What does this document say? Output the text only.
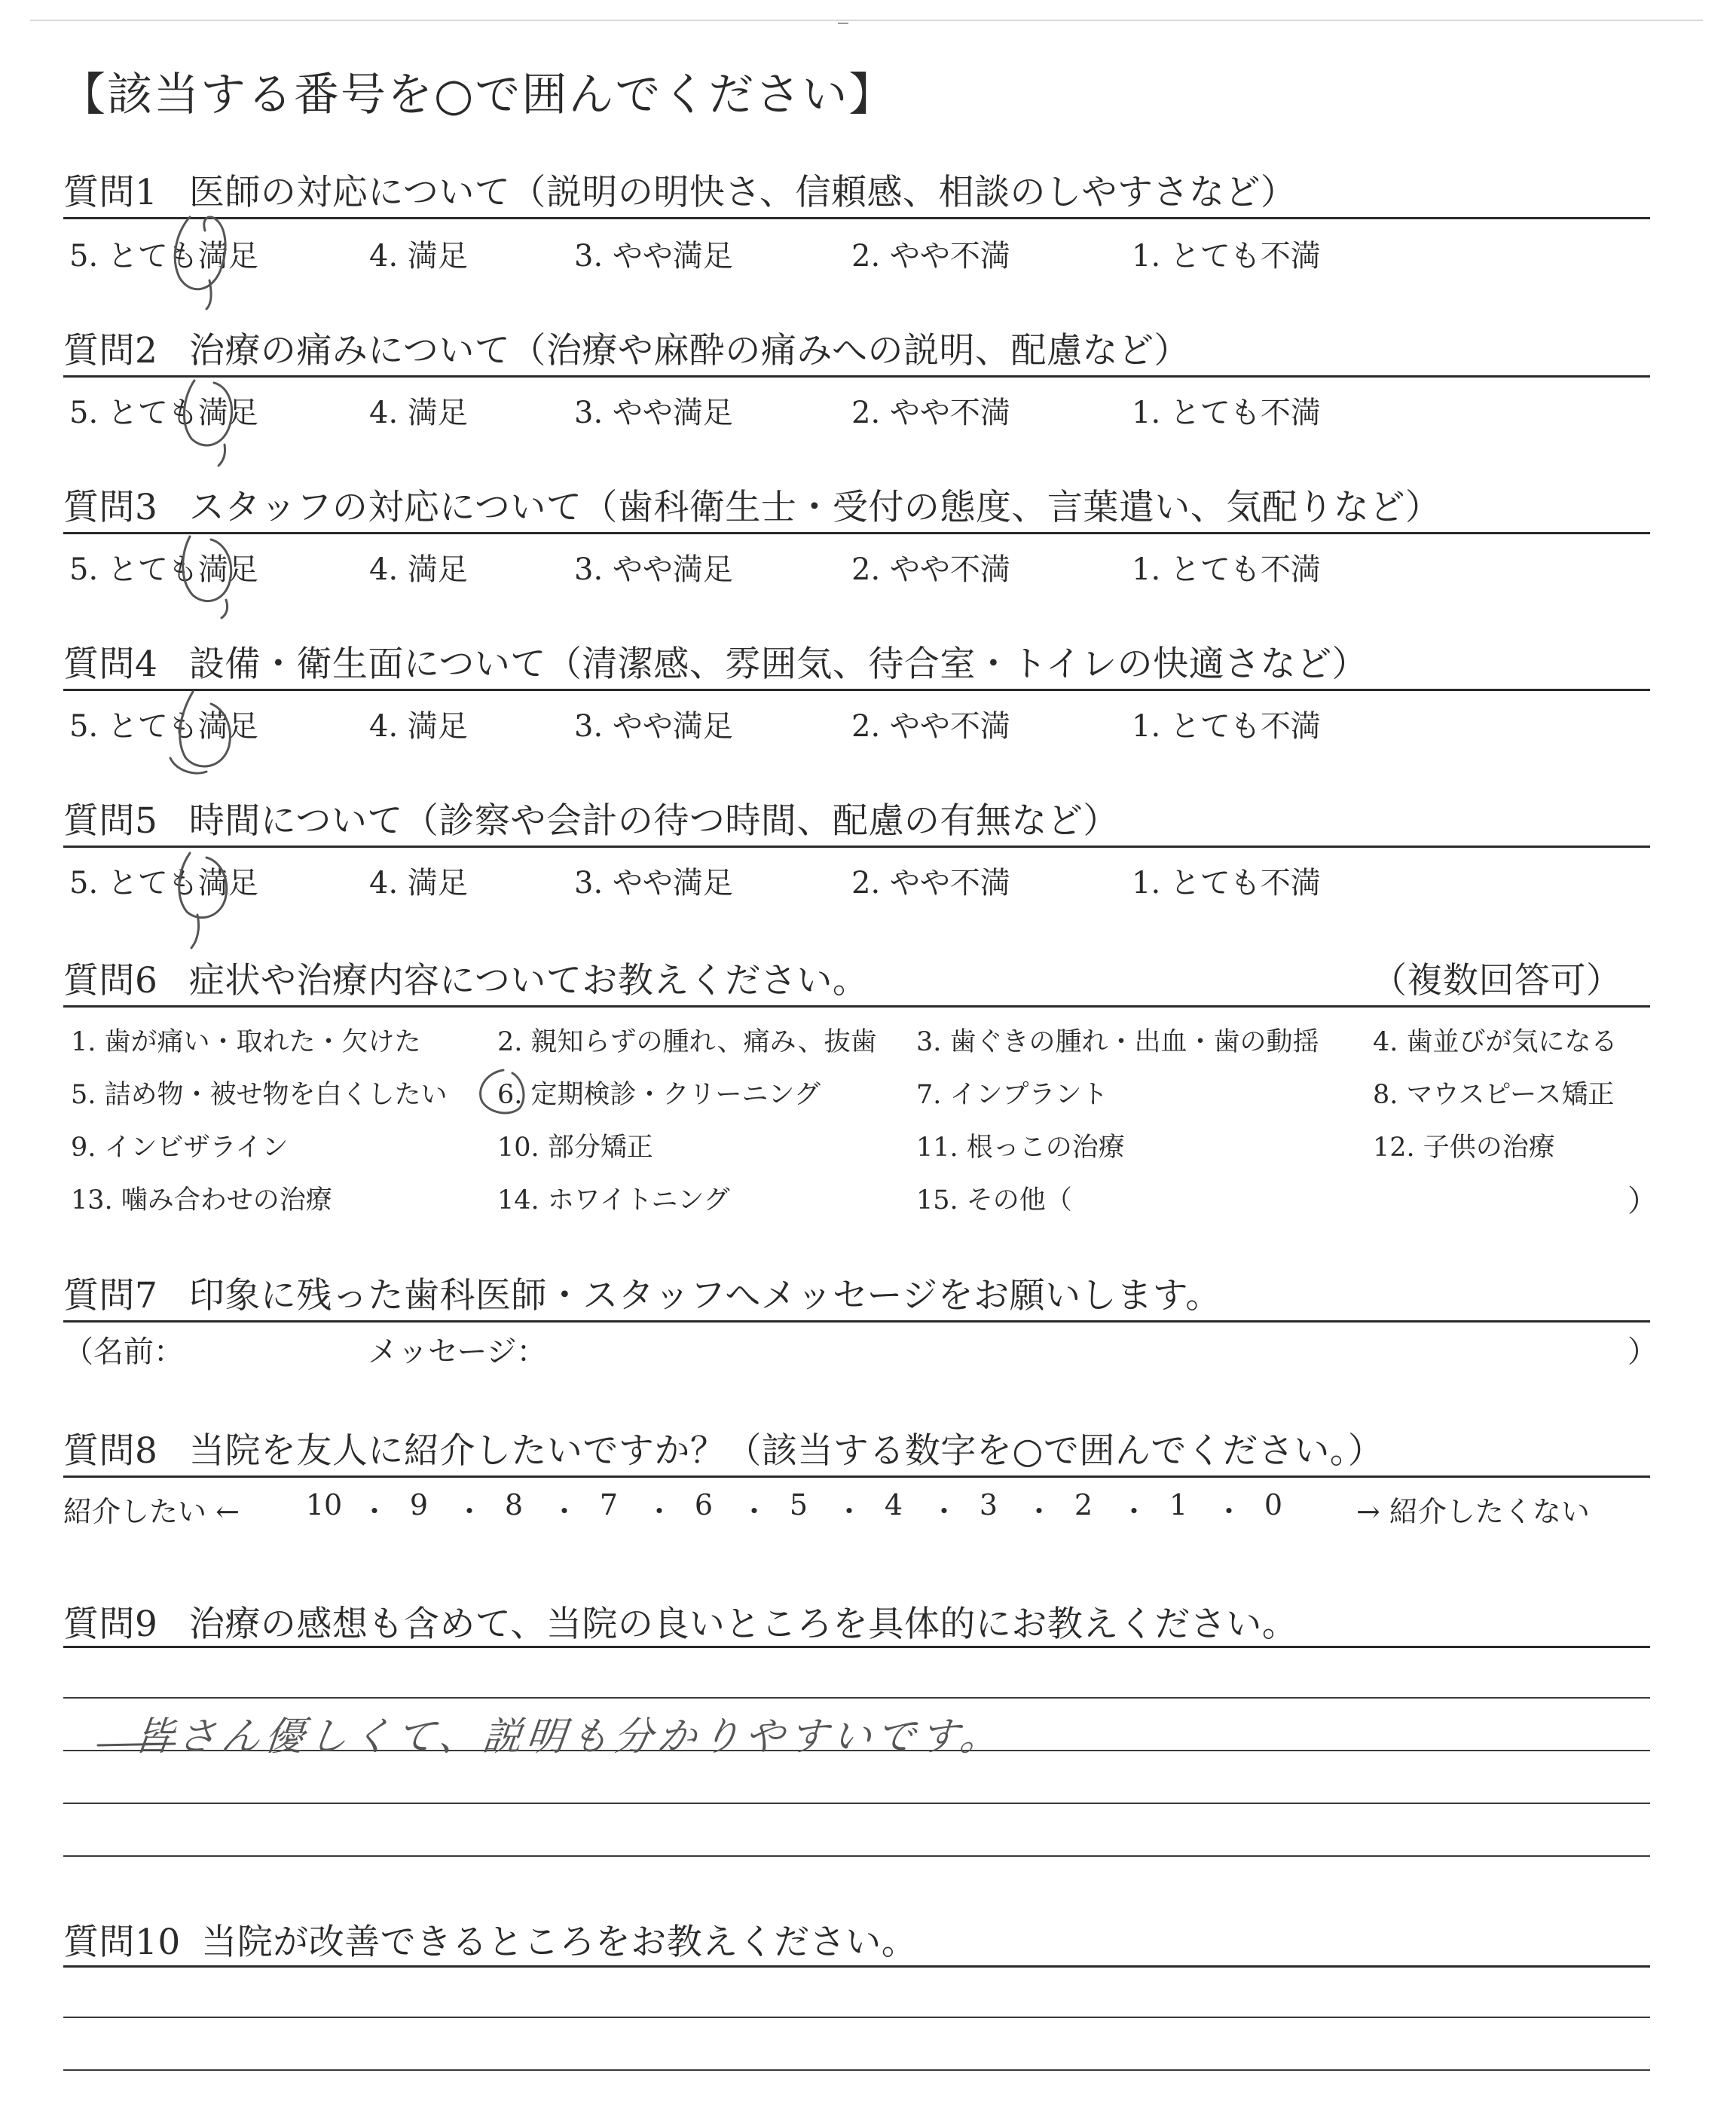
【該当する番号を○で囲んでください】
質問1 医師の対応について（説明の明快さ、信頼感、相談のしやすさなど）
5. とても満足	4. 満足	3. やや満足	2. やや不満	1. とても不満
質問2 治療の痛みについて（治療や麻酔の痛みへの説明、配慮など）
5. とても満足	4. 満足	3. やや満足	2. やや不満	1. とても不満
質問3 スタッフの対応について（歯科衛生士・受付の態度、言葉遣い、気配りなど）
5. とても満足	4. 満足	3. やや満足	2. やや不満	1. とても不満
質問4 設備・衛生面について（清潔感、雰囲気、待合室・トイレの快適さなど）
5. とても満足	4. 満足	3. やや満足	2. やや不満	1. とても不満
質問5 時間について（診察や会計の待つ時間、配慮の有無など）
5. とても満足	4. 満足	3. やや満足	2. やや不満	1. とても不満
質問6 症状や治療内容についてお教えください。	（複数回答可）
1. 歯が痛い・取れた・欠けた	2. 親知らずの腫れ、痛み、抜歯 3. 歯ぐきの腫れ・出血・歯の動揺 4. 歯並びが気になる
5. 詰め物・被せ物を白くしたい 6. 定期検診・クリーニング	7. インプラント	8. マウスピース矯正
9. インビザライン	10. 部分矯正	11. 根っこの治療	12. 子供の治療
13. 噛み合わせの治療	14. ホワイトニング	15. その他（	）
質問7 印象に残った歯科医師・スタッフへメッセージをお願いします。
（名前：	メッセージ：	）
質問8 当院を友人に紹介したいですか？（該当する数字を○で囲んでください。）
紹介したい ← 10 ・ 9 ・ 8 ・ 7 ・ 6 ・ 5 ・ 4 ・ 3 ・ 2 ・ 1 ・ 0	→ 紹介したくない
質問9 治療の感想も含めて、当院の良いところを具体的にお教えください。
皆さん優しくて、説明も分かりやすいです。
質問10 当院が改善できるところをお教えください。
